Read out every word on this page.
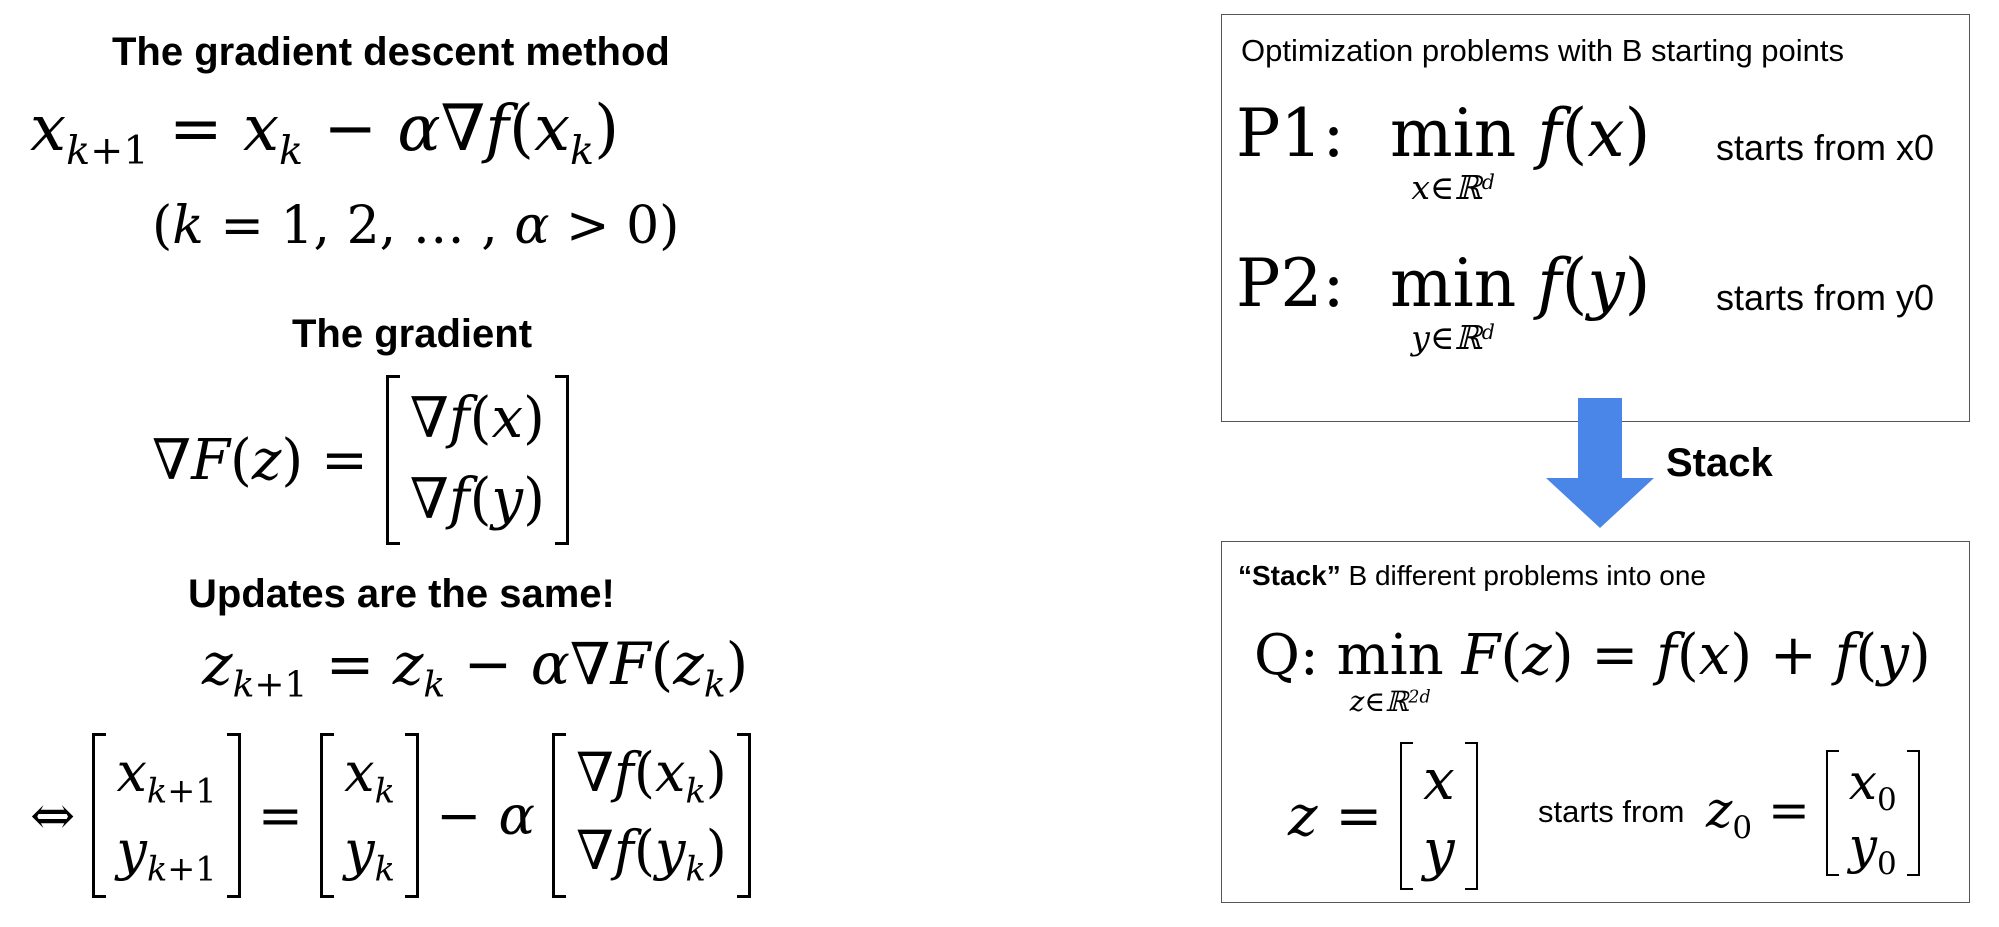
The gradient descent method
$x_{k+1} = x_k - \alpha\nabla f(x_k)$
(k = 1, 2, … , α > 0)
The gradient
∇F(z) =
∇f(x)
∇f(y)
Updates are the same!
$z_{k+1} = z_k - \alpha\nabla F(z_k)$
⇔
$x_{k+1}$
$y_{k+1}$
=
$x_k$
$y_k$
− α
$\nabla f(x_k)$
$\nabla f(y_k)$
Optimization problems with B starting points
P1: min
x∈ℝ$^d$
f(x) starts from x0
P2: min
y∈ℝ$^d$
f(y) starts from y0
Stack
“Stack” B different problems into one
Q:
min
z∈ℝ$^{2d}$
F(z) = f(x) + f(y)
z =
x
y
starts from $z_0 = x_0$
$y_0$
